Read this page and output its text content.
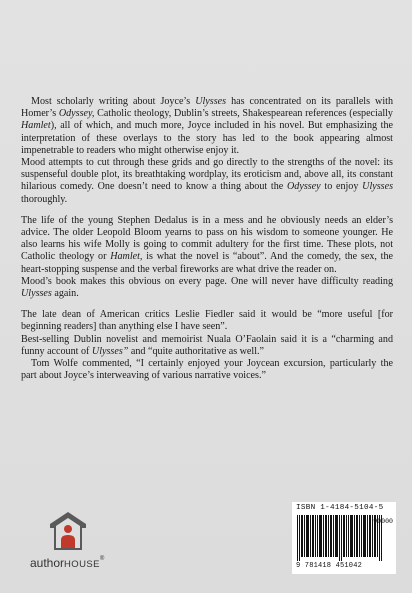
Most scholarly writing about Joyce’s Ulysses has concentrated on its parallels with Homer’s Odyssey, Catholic theology, Dublin’s streets, Shakespearean references (especially Hamlet), all of which, and much more, Joyce included in his novel. But emphasizing the interpretation of these overlays to the story has led to the book appearing almost impenetrable to readers who might otherwise enjoy it.

Mood attempts to cut through these grids and go directly to the strengths of the novel: its suspenseful double plot, its breathtaking wordplay, its eroticism and, above all, its constant hilarious comedy. One doesn’t need to know a thing about the Odyssey to enjoy Ulysses thoroughly.

The life of the young Stephen Dedalus is in a mess and he obviously needs an elder’s advice. The older Leopold Bloom yearns to pass on his wisdom to someone younger. He also learns his wife Molly is going to commit adultery for the first time. These plots, not Catholic theology or Hamlet, is what the novel is “about”. And the comedy, the sex, the heart-stopping suspense and the verbal fireworks are what drive the reader on.

Mood’s book makes this obvious on every page. One will never have difficulty reading Ulysses again.

The late dean of American critics Leslie Fiedler said it would be “more useful [for beginning readers] than anything else I have seen”.

Best-selling Dublin novelist and memoirist Nuala O’Faolain said it is a “charming and funny account of Ulysses” and “quite authoritative as well.”

Tom Wolfe commented, “I certainly enjoyed your Joycean excursion, particularly the part about Joyce’s interweaving of various narrative voices.”

authorHOUSE®
ISBN 1-4184-5104-5
90000
9 781418 451042
